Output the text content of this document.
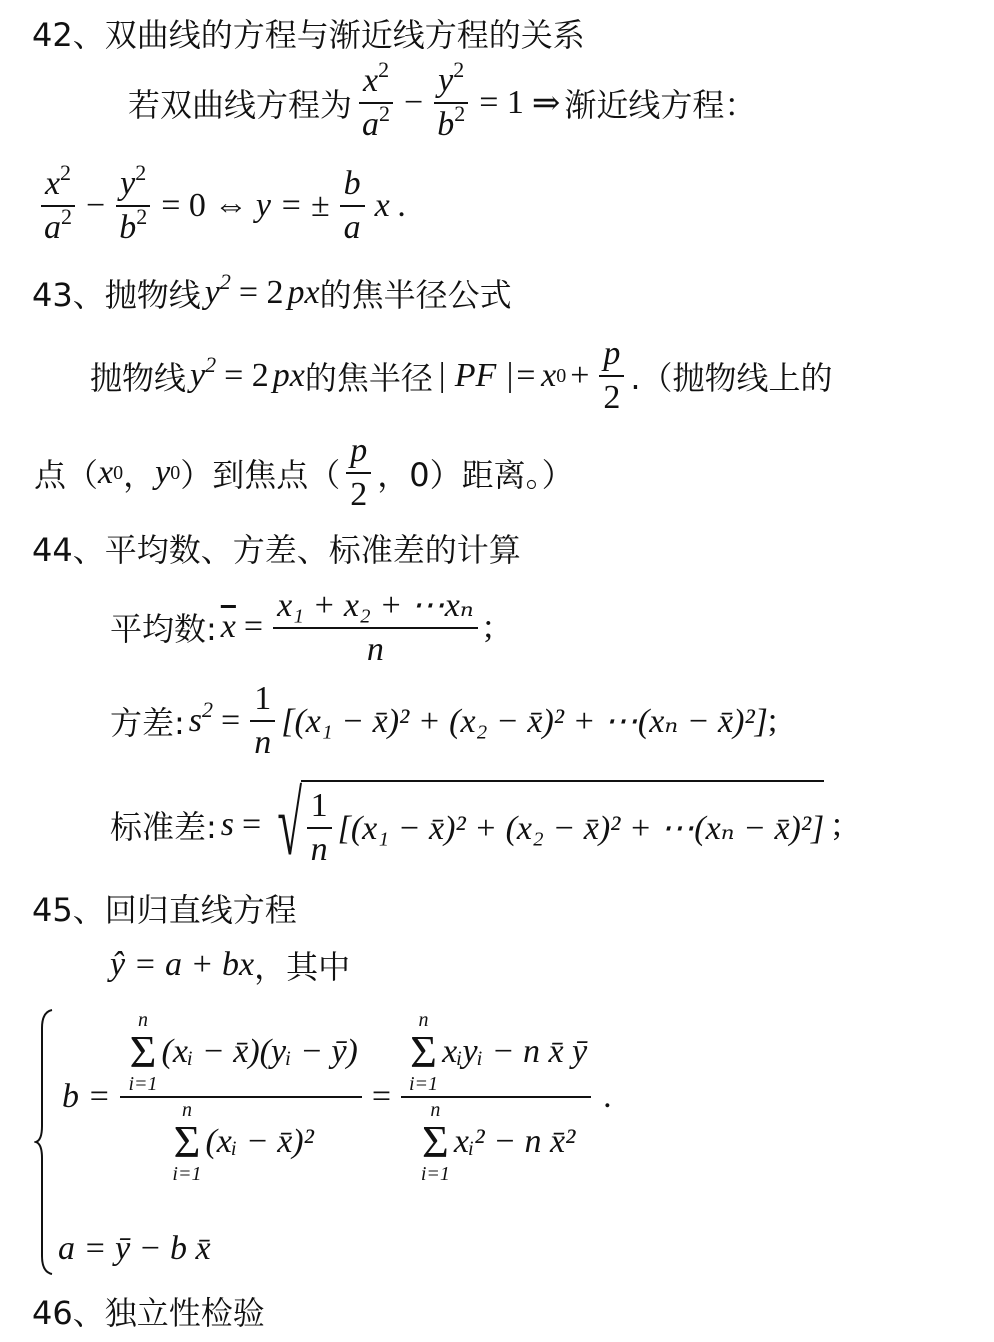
42、双曲线的方程与渐近线方程的关系
若双曲线方程为 $\frac{x^2}{a^2} - \frac{y^2}{b^2} = 1$ ⇒ 渐近线方程：
$\frac{x^2}{a^2} - \frac{y^2}{b^2} = 0$ ⇔ y = ± $\frac{b}{a}$ x .
43、抛物线 $y^2 = 2$ px 的焦半径公式
抛物线 $y^2 = 2$ px 的焦半径 | PF |= x $0 + \frac{p}{2}$ .（抛物线上的
点（ x 0 ， y 0 ）到焦点（ $\frac{p}{2}$ ，0）距离。）
44、平均数、方差、标准差的计算
平均数: $\overline{x} = \frac{\text{x₁ + x₂ + ⋯xₙ}}{n}$ ;
方差: $s^2 = \frac{1}{n} [(x_1$ − x̄)² + (x₂ − x̄)² + ⋯(xₙ − x̄)²] ;
标准差: s = √ $\frac{1}{n} [(x_1$ − x̄)² + (x₂ − x̄)² + ⋯(xₙ − x̄)²] ;
45、回归直线方程
ŷ = a + bx ，其中
b = n
Σ
i=1
(xᵢ − x̄)(yᵢ − ȳ)
n
Σ
i=1
(xᵢ − x̄)² = n
Σ
i=1
xᵢyᵢ − n x̄ ȳ
n
Σ
i=1
xᵢ² − n x̄² .
a = ȳ − b x̄
46、独立性检验
